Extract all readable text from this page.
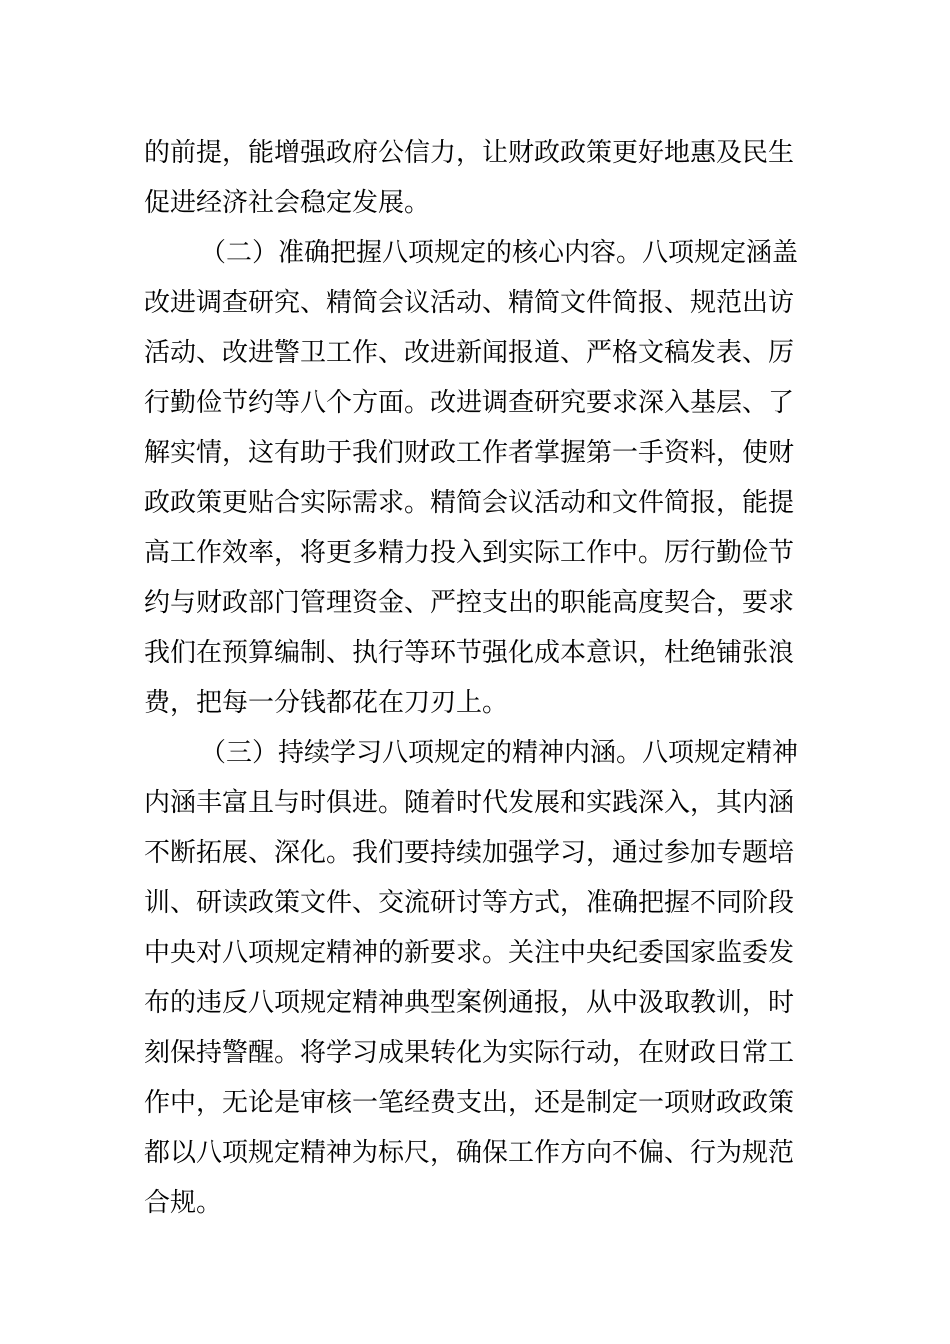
的前提，能增强政府公信力，让财政政策更好地惠及民生
促进经济社会稳定发展。
（二）准确把握八项规定的核心内容。八项规定涵盖
改进调查研究、精简会议活动、精简文件简报、规范出访
活动、改进警卫工作、改进新闻报道、严格文稿发表、厉
行勤俭节约等八个方面。改进调查研究要求深入基层、了
解实情，这有助于我们财政工作者掌握第一手资料，使财
政政策更贴合实际需求。精简会议活动和文件简报，能提
高工作效率，将更多精力投入到实际工作中。厉行勤俭节
约与财政部门管理资金、严控支出的职能高度契合，要求
我们在预算编制、执行等环节强化成本意识，杜绝铺张浪
费，把每一分钱都花在刀刃上。
（三）持续学习八项规定的精神内涵。八项规定精神
内涵丰富且与时俱进。随着时代发展和实践深入，其内涵
不断拓展、深化。我们要持续加强学习，通过参加专题培
训、研读政策文件、交流研讨等方式，准确把握不同阶段
中央对八项规定精神的新要求。关注中央纪委国家监委发
布的违反八项规定精神典型案例通报，从中汲取教训，时
刻保持警醒。将学习成果转化为实际行动，在财政日常工
作中，无论是审核一笔经费支出，还是制定一项财政政策
都以八项规定精神为标尺，确保工作方向不偏、行为规范
合规。
